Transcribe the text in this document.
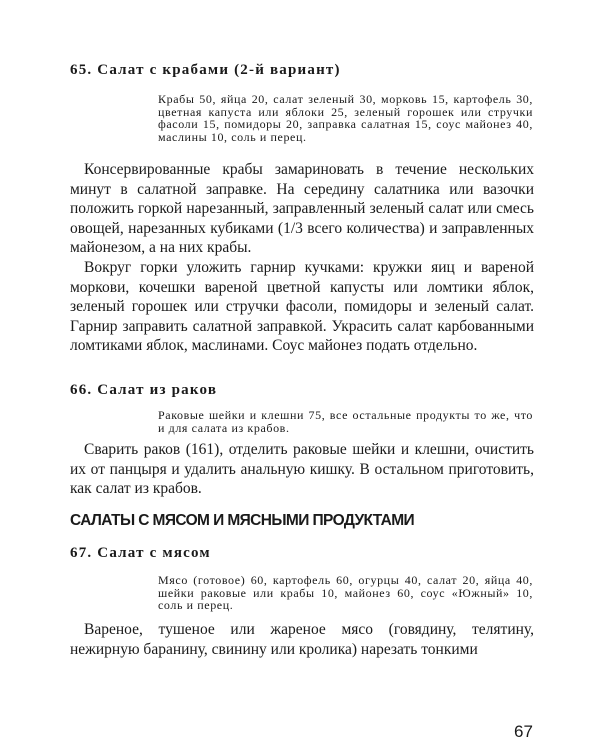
65. Салат с крабами (2-й вариант)

Крабы 50, яйца 20, салат зеленый 30, морковь 15, картофель 30, цветная капуста или яблоки 25, зеленый горошек или стручки фасоли 15, помидоры 20, заправка салатная 15, соус майонез 40, маслины 10, соль и перец.

Консервированные крабы замариновать в течение нескольких минут в салатной заправке. На середину салатника или вазочки положить горкой нарезанный, заправленный зеленый салат или смесь овощей, нарезанных кубиками (1/3 всего количества) и заправленных майонезом, а на них крабы.

Вокруг горки уложить гарнир кучками: кружки яиц и вареной моркови, кочешки вареной цветной капусты или ломтики яблок, зеленый горошек или стручки фасоли, помидоры и зеленый салат. Гарнир заправить салатной заправкой. Украсить салат карбованными ломтиками яблок, маслинами. Соус майонез подать отдельно.

66. Салат из раков

Раковые шейки и клешни 75, все остальные продукты то же, что и для салата из крабов.

Сварить раков (161), отделить раковые шейки и клешни, очистить их от панцыря и удалить анальную кишку. В остальном приготовить, как салат из крабов.

САЛАТЫ С МЯСОМ И МЯСНЫМИ ПРОДУКТАМИ
67. Салат с мясом

Мясо (готовое) 60, картофель 60, огурцы 40, салат 20, яйца 40, шейки раковые или крабы 10, майонез 60, соус «Южный» 10, соль и перец.

Вареное, тушеное или жареное мясо (говядину, телятину, нежирную баранину, свинину или кролика) нарезать тонкими

67
